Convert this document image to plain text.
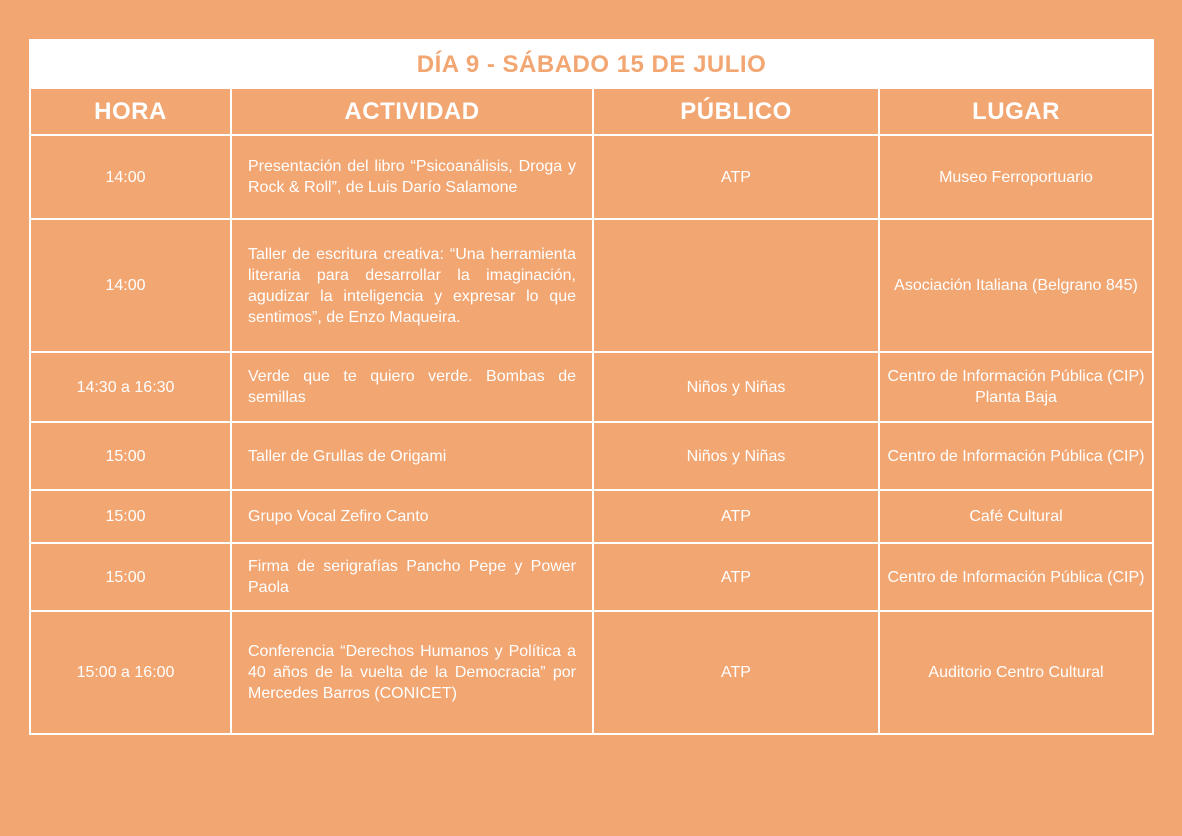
DÍA 9 - SÁBADO 15 DE JULIO
HORA	ACTIVIDAD	PÚBLICO	LUGAR
14:00	Presentación del libro “Psicoanálisis, Droga y Rock & Roll”, de Luis Darío Salamone	ATP	Museo Ferroportuario
14:00	Taller de escritura creativa: “Una herramienta literaria para desarrollar la imaginación, agudizar la inteligencia y expresar lo que sentimos”, de Enzo Maqueira.		Asociación Italiana (Belgrano 845)
14:30 a 16:30	Verde que te quiero verde. Bombas de semillas	Niños y Niñas	Centro de Información Pública (CIP) Planta Baja
15:00	Taller de Grullas de Origami	Niños y Niñas	Centro de Información Pública (CIP)
15:00	Grupo Vocal Zefiro Canto	ATP	Café Cultural
15:00	Firma de serigrafías Pancho Pepe y Power Paola	ATP	Centro de Información Pública (CIP)
15:00 a 16:00	Conferencia “Derechos Humanos y Política a 40 años de la vuelta de la Democracia” por Mercedes Barros (CONICET)	ATP	Auditorio Centro Cultural
